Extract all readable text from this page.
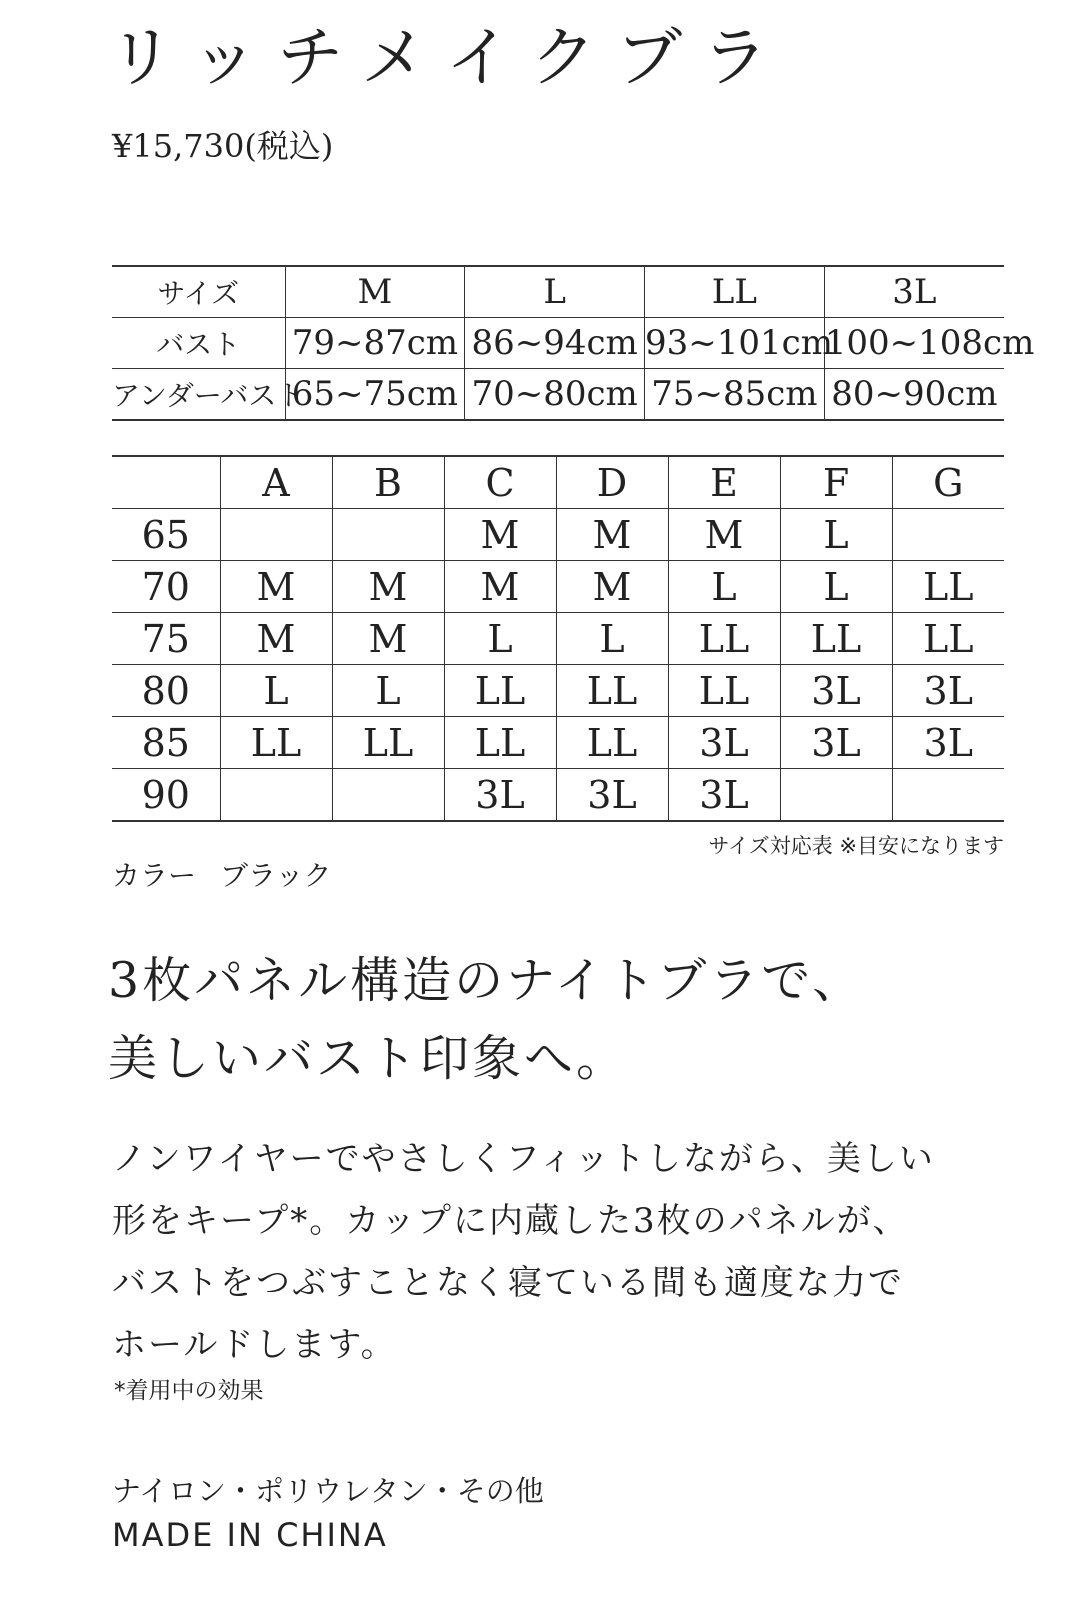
リッチメイクブラ
¥15,730(税込)
サイズ	M	L	LL	3L
バスト	79~87cm	86~94cm	93~101cm	100~108cm
アンダーバスト	65~75cm	70~80cm	75~85cm	80~90cm
	A	B	C	D	E	F	G
65			M	M	M	L	
70	M	M	M	M	L	L	LL
75	M	M	L	L	LL	LL	LL
80	L	L	LL	LL	LL	3L	3L
85	LL	LL	LL	LL	3L	3L	3L
90			3L	3L	3L		
サイズ対応表 ※目安になります
カラー ブラック
3枚パネル構造のナイトブラで、
美しいバスト印象へ。
ノンワイヤーでやさしくフィットしながら、美しい
形をキープ*。カップに内蔵した3枚のパネルが、
バストをつぶすことなく寝ている間も適度な力で
ホールドします。
*着用中の効果
ナイロン・ポリウレタン・その他
MADE IN CHINA
